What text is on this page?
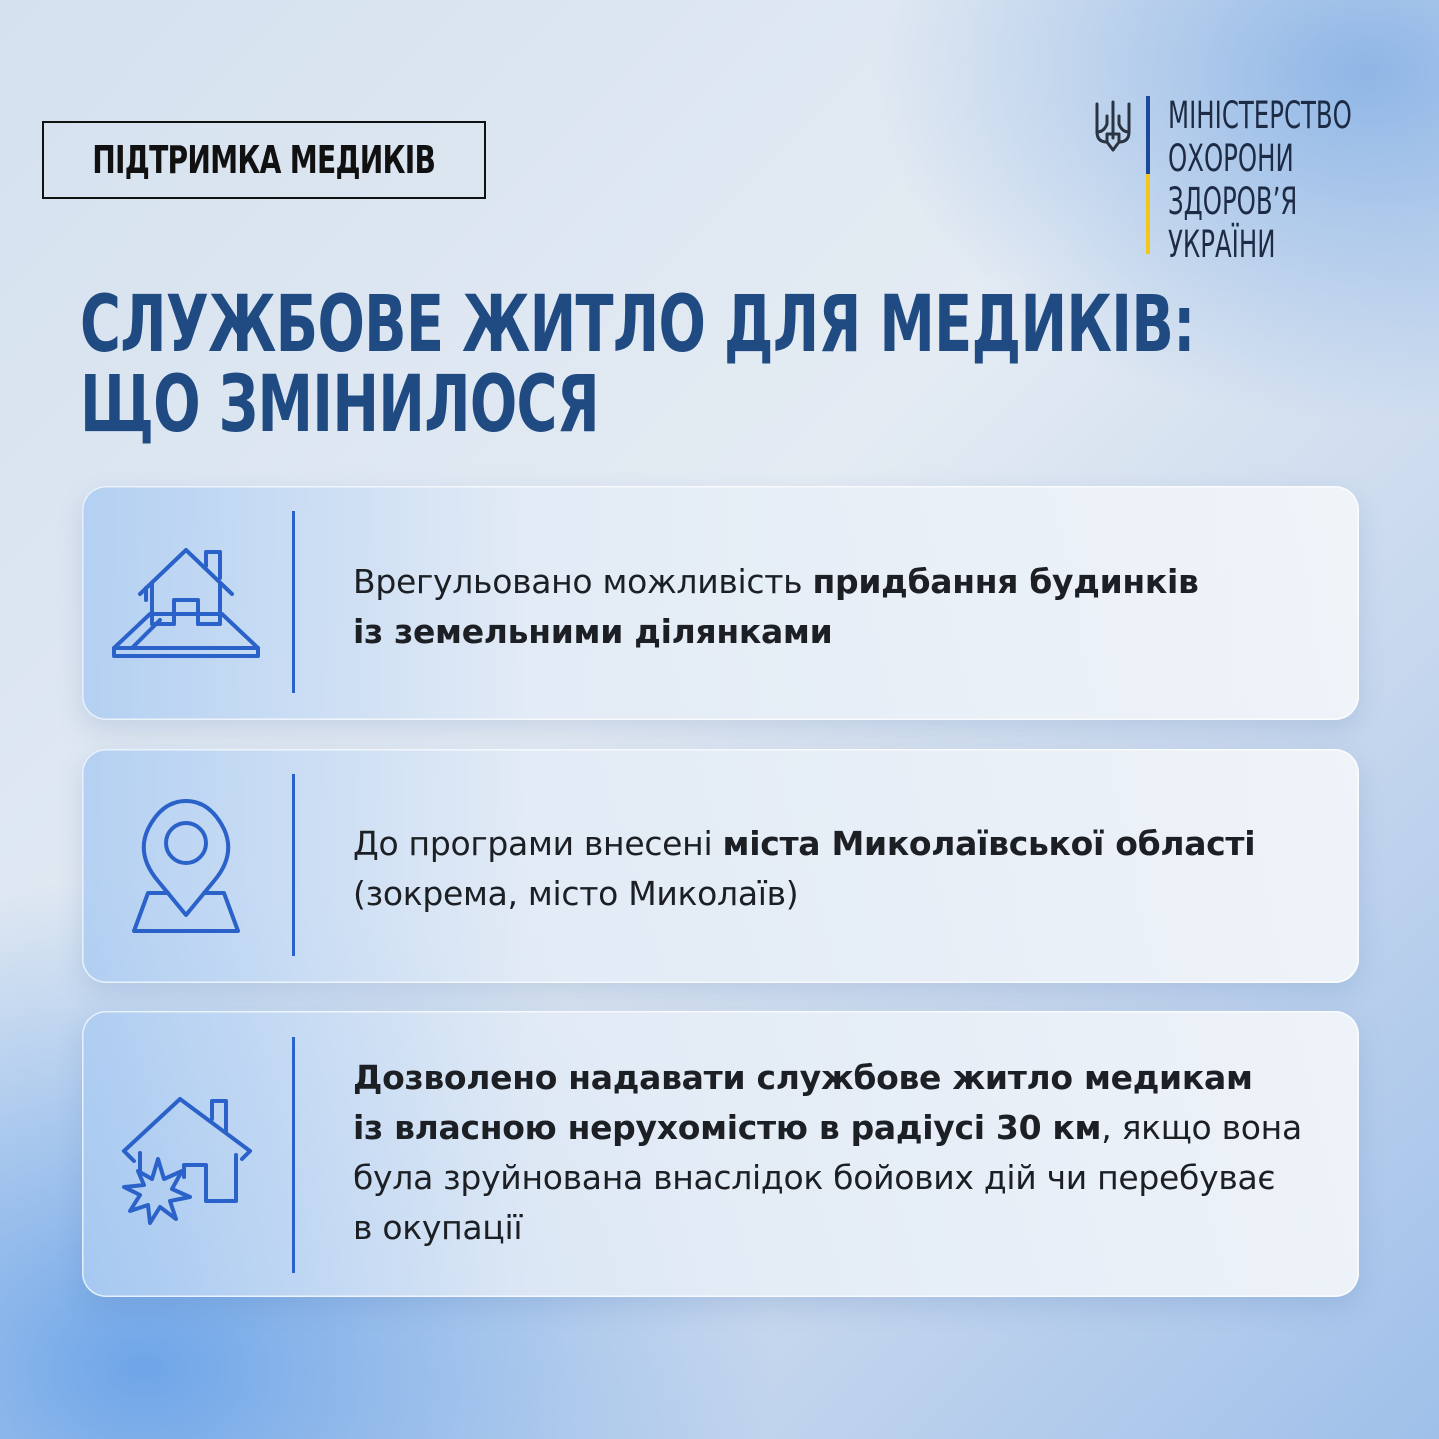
ПІДТРИМКА МЕДИКІВ
МІНІСТЕРСТВО
ОХОРОНИ
ЗДОРОВ’Я
УКРАЇНИ
СЛУЖБОВЕ ЖИТЛО ДЛЯ МЕДИКІВ:
ЩО ЗМІНИЛОСЯ
Врегульовано можливість придбання будинків
із земельними ділянками
До програми внесені міста Миколаївської області
(зокрема, місто Миколаїв)
Дозволено надавати службове житло медикам
із власною нерухомістю в радіусі 30 км, якщо вона
була зруйнована внаслідок бойових дій чи перебуває
в окупації
